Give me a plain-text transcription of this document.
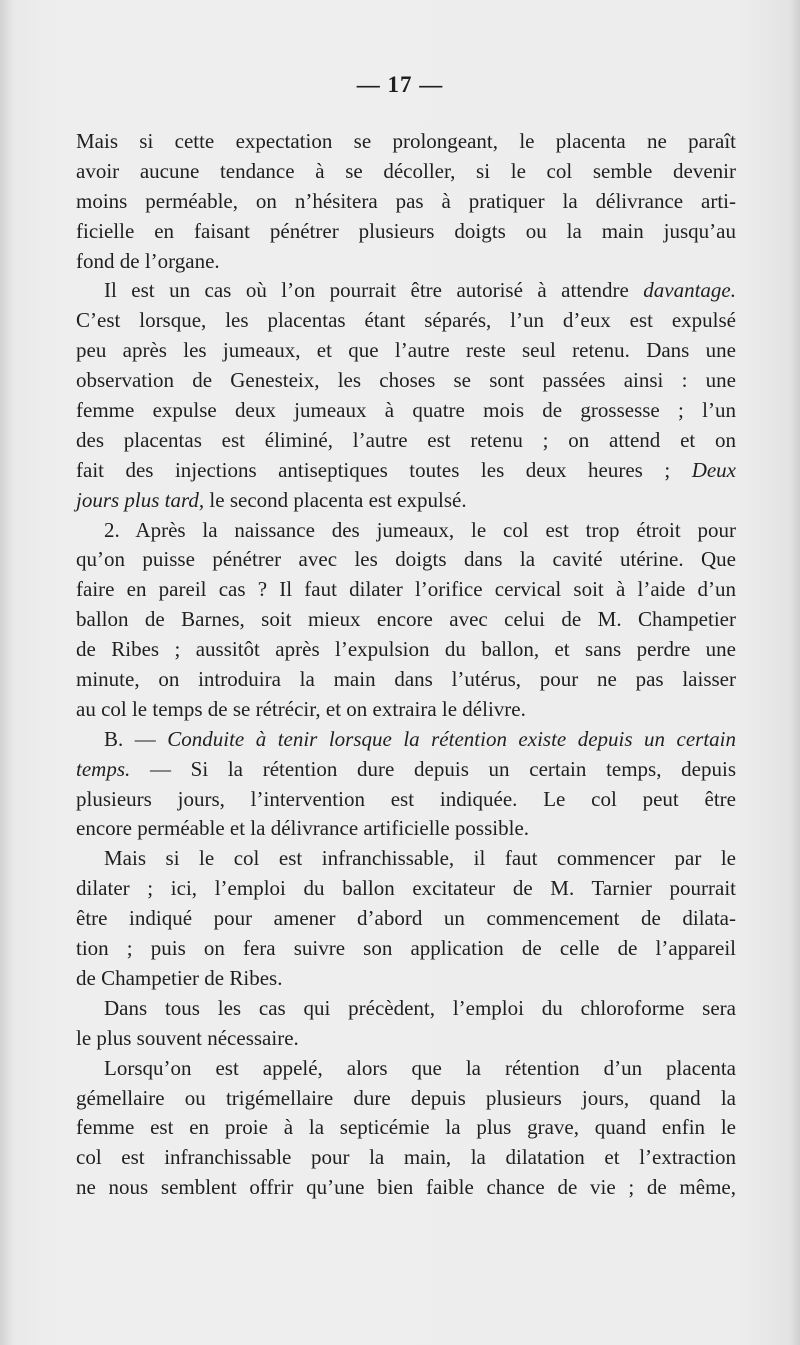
— 17 —
Mais si cette expectation se prolongeant, le placenta ne paraît
avoir aucune tendance à se décoller, si le col semble devenir
moins perméable, on n’hésitera pas à pratiquer la délivrance arti-
ficielle en faisant pénétrer plusieurs doigts ou la main jusqu’au
fond de l’organe.
Il est un cas où l’on pourrait être autorisé à attendre davantage.
C’est lorsque, les placentas étant séparés, l’un d’eux est expulsé
peu après les jumeaux, et que l’autre reste seul retenu. Dans une
observation de Genesteix, les choses se sont passées ainsi : une
femme expulse deux jumeaux à quatre mois de grossesse ; l’un
des placentas est éliminé, l’autre est retenu ; on attend et on
fait des injections antiseptiques toutes les deux heures ; Deux
jours plus tard, le second placenta est expulsé.
2. Après la naissance des jumeaux, le col est trop étroit pour
qu’on puisse pénétrer avec les doigts dans la cavité utérine. Que
faire en pareil cas ? Il faut dilater l’orifice cervical soit à l’aide d’un
ballon de Barnes, soit mieux encore avec celui de M. Champetier
de Ribes ; aussitôt après l’expulsion du ballon, et sans perdre une
minute, on introduira la main dans l’utérus, pour ne pas laisser
au col le temps de se rétrécir, et on extraira le délivre.
B. — Conduite à tenir lorsque la rétention existe depuis un certain
temps. — Si la rétention dure depuis un certain temps, depuis
plusieurs jours, l’intervention est indiquée. Le col peut être
encore perméable et la délivrance artificielle possible.
Mais si le col est infranchissable, il faut commencer par le
dilater ; ici, l’emploi du ballon excitateur de M. Tarnier pourrait
être indiqué pour amener d’abord un commencement de dilata-
tion ; puis on fera suivre son application de celle de l’appareil
de Champetier de Ribes.
Dans tous les cas qui précèdent, l’emploi du chloroforme sera
le plus souvent nécessaire.
Lorsqu’on est appelé, alors que la rétention d’un placenta
gémellaire ou trigémellaire dure depuis plusieurs jours, quand la
femme est en proie à la septicémie la plus grave, quand enfin le
col est infranchissable pour la main, la dilatation et l’extraction
ne nous semblent offrir qu’une bien faible chance de vie ; de même,
